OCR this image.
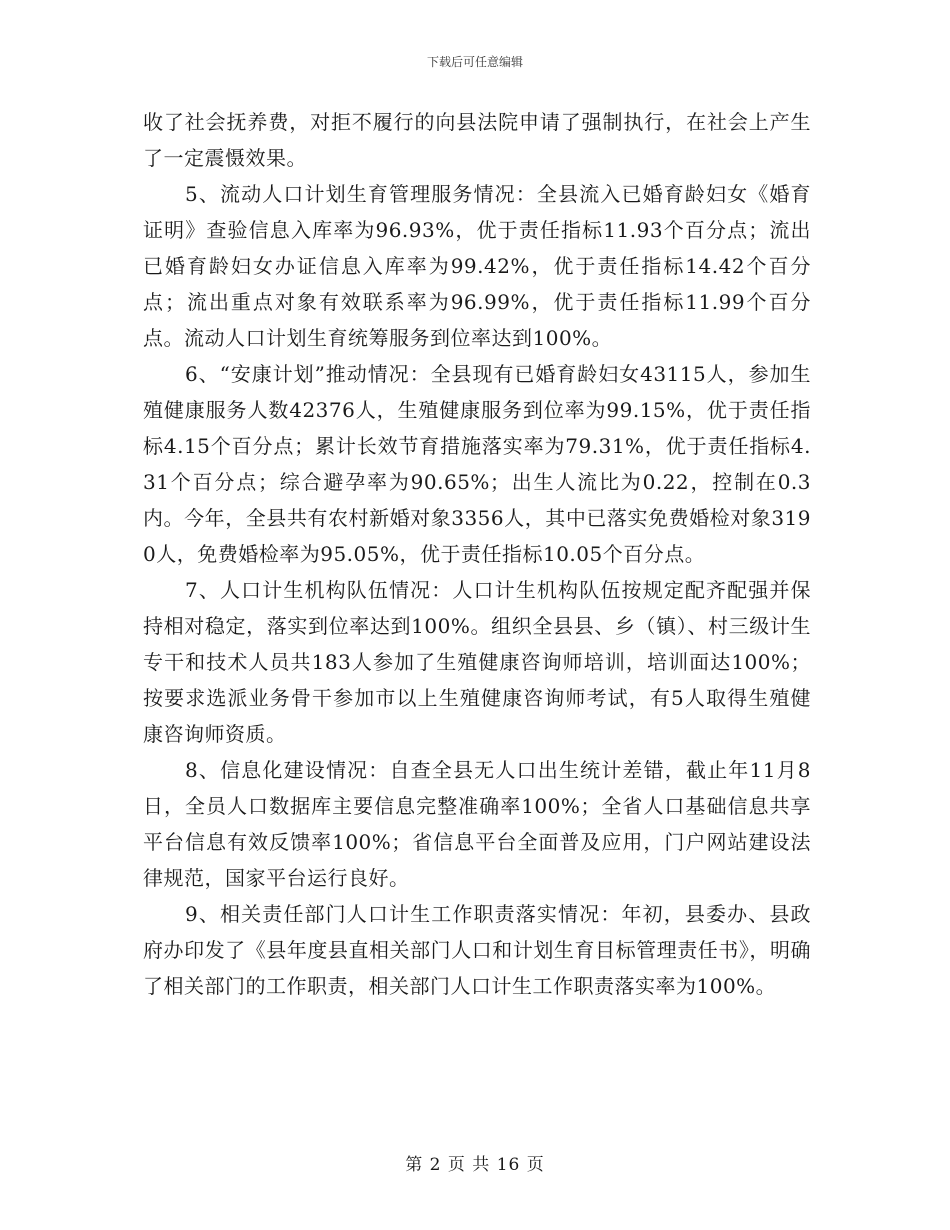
下载后可任意编辑

收了社会抚养费，对拒不履行的向县法院申请了强制执行，在社会上产生了一定震慑效果。

5、流动人口计划生育管理服务情况：全县流入已婚育龄妇女《婚育证明》查验信息入库率为96.93%，优于责任指标11.93个百分点；流出已婚育龄妇女办证信息入库率为99.42%，优于责任指标14.42个百分点；流出重点对象有效联系率为96.99%，优于责任指标11.99个百分点。流动人口计划生育统筹服务到位率达到100%。

6、“安康计划”推动情况：全县现有已婚育龄妇女43115人，参加生殖健康服务人数42376人，生殖健康服务到位率为99.15%，优于责任指标4.15个百分点；累计长效节育措施落实率为79.31%，优于责任指标4.31个百分点；综合避孕率为90.65%；出生人流比为0.22，控制在0.3内。今年，全县共有农村新婚对象3356人，其中已落实免费婚检对象3190人，免费婚检率为95.05%，优于责任指标10.05个百分点。

7、人口计生机构队伍情况：人口计生机构队伍按规定配齐配强并保持相对稳定，落实到位率达到100%。组织全县县、乡（镇）、村三级计生专干和技术人员共183人参加了生殖健康咨询师培训，培训面达100%；按要求选派业务骨干参加市以上生殖健康咨询师考试，有5人取得生殖健康咨询师资质。

8、信息化建设情况：自查全县无人口出生统计差错，截止年11月8日，全员人口数据库主要信息完整准确率100%；全省人口基础信息共享平台信息有效反馈率100%；省信息平台全面普及应用，门户网站建设法律规范，国家平台运行良好。

9、相关责任部门人口计生工作职责落实情况：年初，县委办、县政府办印发了《县年度县直相关部门人口和计划生育目标管理责任书》，明确了相关部门的工作职责，相关部门人口计生工作职责落实率为100%。

第 2 页 共 16 页
